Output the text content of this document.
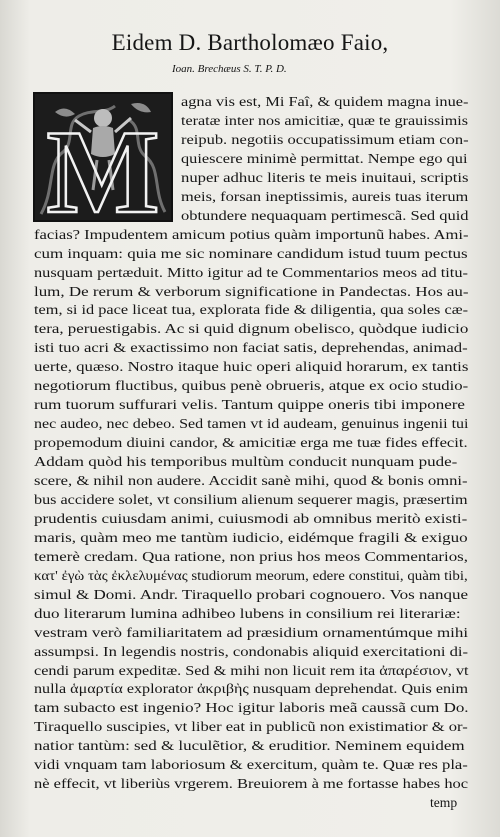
Eidem D. Bartholomæo Faio,
Ioan. Brechæus S. T. P. D.
M
agna vis est, Mi Faî, & quidem magna inue-
teratæ inter nos amicitiæ, quæ te grauissimis
reipub. negotiis occupatissimum etiam con-
quiescere minimè permittat. Nempe ego qui
nuper adhuc literis te meis inuitaui, scriptis
meis, forsan ineptissimis, aureis tuas iterum
obtundere nequaquam pertimescã. Sed quid
facias? Impudentem amicum potius quàm importunũ habes. Ami-
cum inquam: quia me sic nominare candidum istud tuum pectus
nusquam pertæduit. Mitto igitur ad te Commentarios meos ad titu-
lum, De rerum & verborum significatione in Pandectas. Hos au-
tem, si id pace liceat tua, explorata fide & diligentia, qua soles cæ-
tera, peruestigabis. Ac si quid dignum obelisco, quòdque iudicio
isti tuo acri & exactissimo non faciat satis, deprehendas, animad-
uerte, quæso. Nostro itaque huic operi aliquid horarum, ex tantis
negotiorum fluctibus, quibus penè obrueris, atque ex ocio studio-
rum tuorum suffurari velis. Tantum quippe oneris tibi imponere
nec audeo, nec debeo. Sed tamen vt id audeam, genuinus ingenii tui
propemodum diuini candor, & amicitiæ erga me tuæ fides effecit.
Addam quòd his temporibus multùm conducit nunquam pude-
scere, & nihil non audere. Accidit sanè mihi, quod & bonis omni-
bus accidere solet, vt consilium alienum sequerer magis, præsertim
prudentis cuiusdam animi, cuiusmodi ab omnibus meritò existi-
maris, quàm meo me tantùm iudicio, eidémque fragili & exiguo
temerè credam. Qua ratione, non prius hos meos Commentarios,
κατ' ἐγὼ τὰς ἐκλελυμένας studiorum meorum, edere constitui, quàm tibi,
simul & Domi. Andr. Tiraquello probari cognouero. Vos nanque
duo literarum lumina adhibeo lubens in consilium rei literariæ:
vestram verò familiaritatem ad præsidium ornamentúmque mihi
assumpsi. In legendis nostris, condonabis aliquid exercitationi di-
cendi parum expeditæ. Sed & mihi non licuit rem ita ἀπαρέσιον, vt
nulla ἁμαρτία explorator ἀκριβὴς nusquam deprehendat. Quis enim
tam subacto est ingenio? Hoc igitur laboris meã caussã cum Do.
Tiraquello suscipies, vt liber eat in publicũ non existimatior & or-
natior tantùm: sed & luculẽtior, & eruditior. Neminem equidem
vidi vnquam tam laboriosum & exercitum, quàm te. Quæ res pla-
nè effecit, vt liberiùs vrgerem. Breuiorem à me fortasse habes hoc
temp
